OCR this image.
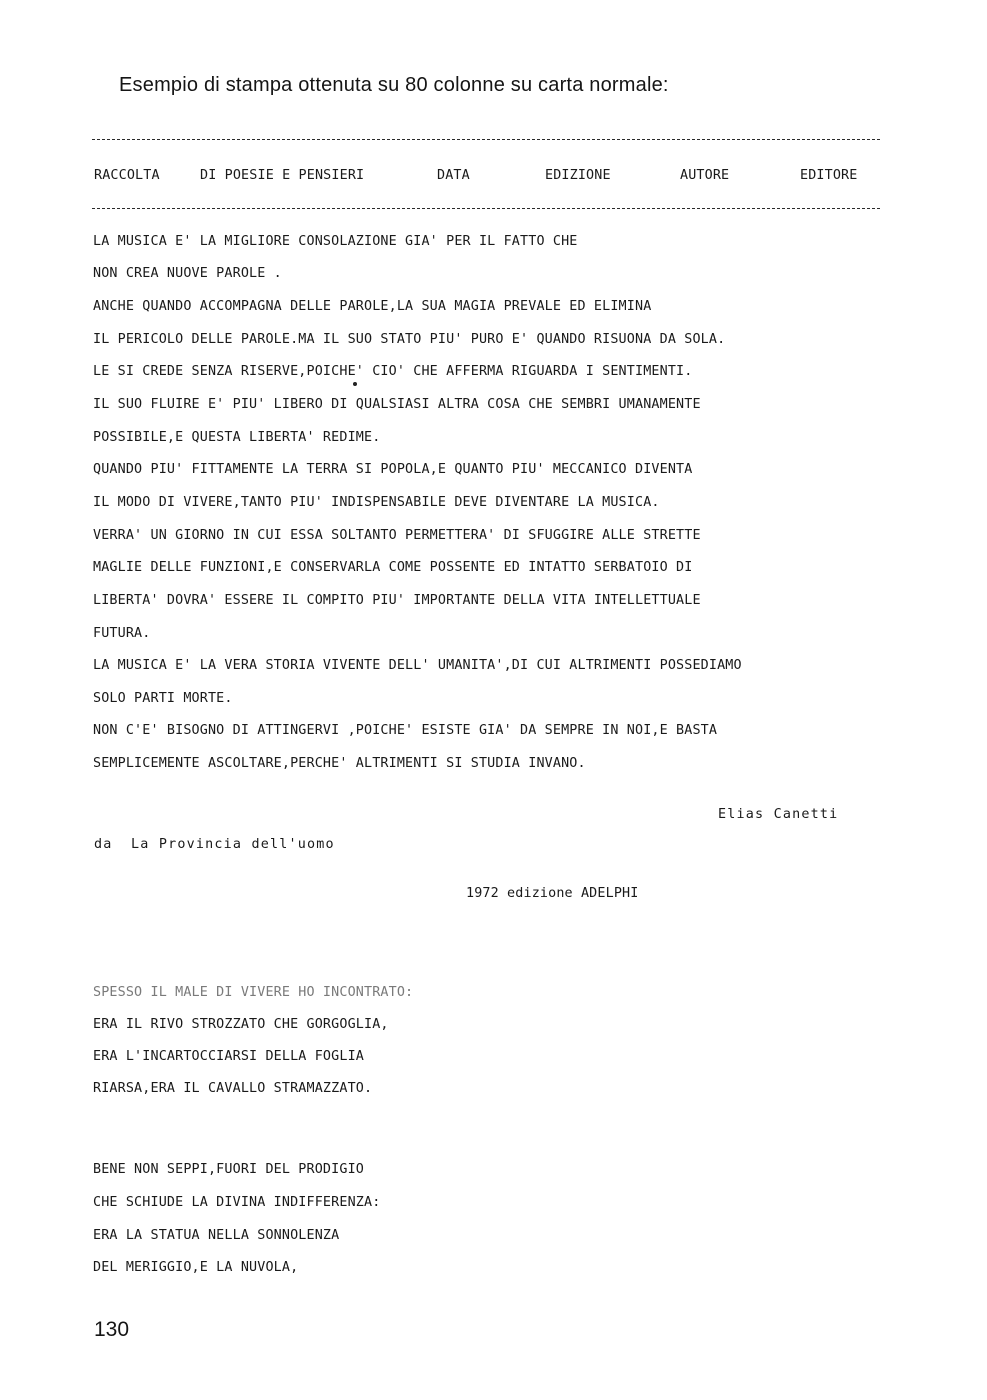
Esempio di stampa ottenuta su 80 colonne su carta normale:

RACCOLTA

	DI POESIE E PENSIERI

	DATA

	EDIZIONE

	AUTORE

	EDITORE

LA MUSICA E' LA MIGLIORE CONSOLAZIONE GIA' PER IL FATTO CHE
NON CREA NUOVE PAROLE .
ANCHE QUANDO ACCOMPAGNA DELLE PAROLE,LA SUA MAGIA PREVALE ED ELIMINA
IL PERICOLO DELLE PAROLE.MA IL SUO STATO PIU' PURO E' QUANDO RISUONA DA SOLA.
LE SI CREDE SENZA RISERVE,POICHE' CIO' CHE AFFERMA RIGUARDA I SENTIMENTI.
IL SUO FLUIRE E' PIU' LIBERO DI QUALSIASI ALTRA COSA CHE SEMBRI UMANAMENTE
POSSIBILE,E QUESTA LIBERTA' REDIME.
QUANDO PIU' FITTAMENTE LA TERRA SI POPOLA,E QUANTO PIU' MECCANICO DIVENTA
IL MODO DI VIVERE,TANTO PIU' INDISPENSABILE DEVE DIVENTARE LA MUSICA.
VERRA' UN GIORNO IN CUI ESSA SOLTANTO PERMETTERA' DI SFUGGIRE ALLE STRETTE
MAGLIE DELLE FUNZIONI,E CONSERVARLA COME POSSENTE ED INTATTO SERBATOIO DI
LIBERTA' DOVRA' ESSERE IL COMPITO PIU' IMPORTANTE DELLA VITA INTELLETTUALE
FUTURA.
LA MUSICA E' LA VERA STORIA VIVENTE DELL' UMANITA',DI CUI ALTRIMENTI POSSEDIAMO
SOLO PARTI MORTE.
NON C'E' BISOGNO DI ATTINGERVI ,POICHE' ESISTE GIA' DA SEMPRE IN NOI,E BASTA
SEMPLICEMENTE ASCOLTARE,PERCHE' ALTRIMENTI SI STUDIA INVANO.
Elias Canetti
da  La Provincia dell'uomo
1972 edizione ADELPHI
SPESSO IL MALE DI VIVERE HO INCONTRATO:
ERA IL RIVO STROZZATO CHE GORGOGLIA,
ERA L'INCARTOCCIARSI DELLA FOGLIA
RIARSA,ERA IL CAVALLO STRAMAZZATO.
BENE NON SEPPI,FUORI DEL PRODIGIO
CHE SCHIUDE LA DIVINA INDIFFERENZA:
ERA LA STATUA NELLA SONNOLENZA
DEL MERIGGIO,E LA NUVOLA,
130
